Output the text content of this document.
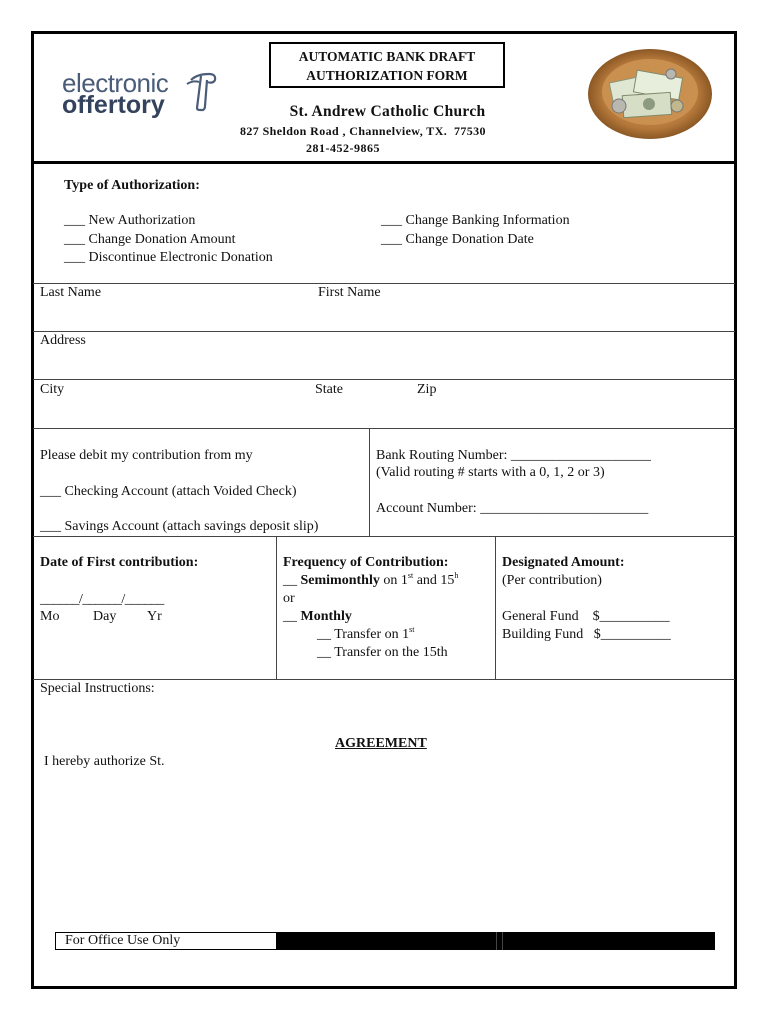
electronic
offertory
AUTOMATIC BANK DRAFT
AUTHORIZATION FORM
St. Andrew Catholic Church
827 Sheldon Road , Channelview, TX.  77530
281-452-9865
Type of Authorization:
___ New Authorization
___ Change Donation Amount
___ Discontinue Electronic Donation
___ Change Banking Information
___ Change Donation Date
Last Name	First Name
Address
City	State	Zip
Please debit my contribution from my
___ Checking Account (attach Voided Check)
___ Savings Account (attach savings deposit slip)
Bank Routing Number: ____________________
(Valid routing # starts with a 0, 1, 2 or 3)
Account Number: ________________________
Date of First contribution:
______/______/______
Mo Day Yr
Frequency of Contribution:
__ Semimonthly on 1st and 15$^h$
or
__ Monthly
__ Transfer on 1st
__ Transfer on the 15th
Designated Amount:
(Per contribution)
General Fund    $__________
Building Fund   $__________
Special Instructions:
AGREEMENT
I hereby authorize St.
For Office Use Only
